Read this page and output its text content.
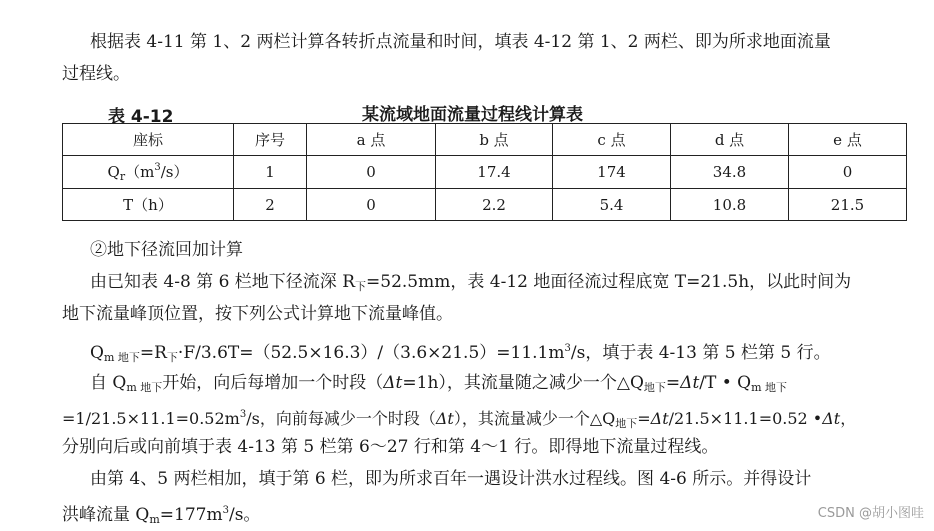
根据表 4-11 第 1、2 两栏计算各转折点流量和时间，填表 4-12 第 1、2 两栏、即为所求地面流量
过程线。
表 4-12	某流域地面流量过程线计算表
座标	序号	a 点	b 点	c 点	d 点	e 点
$Q_r(m^3/s)$	1	0	17.4	174	34.8	0
T（h）	2	0	2.2	5.4	10.8	21.5
②地下径流回加计算
由已知表 4-8 第 6 栏地下径流深 $R_下=52.5mm$，表 4-12 地面径流过程底宽 T=21.5h，以此时间为
地下流量峰顶位置，按下列公式计算地下流量峰值。
$Q_{m 地下}=R_下\cdot F/3.6T=(52.5\times 16.3)/(3.6\times 21.5)=11.1m^3/s$，填于表 4-13 第 5 栏第 5 行。
自 $Q_{m 地下}$开始，向后每增加一个时段（Δt=1h），其流量随之减少一个$\triangle Q_{地下}=\Delta t/T$ • $Q_{m 地下}$
$=1/21.5\times 11.1=0.52m^3/s$，向前每减少一个时段（Δt），其流量减少一个$\triangle Q_{地下}=\Delta t/21.5\times 11.1=0.52$ •Δt，
分别向后或向前填于表 4-13 第 5 栏第 6～27 行和第 4～1 行。即得地下流量过程线。
由第 4、5 两栏相加，填于第 6 栏，即为所求百年一遇设计洪水过程线。图 4-6 所示。并得设计
洪峰流量 $Q_m=177m^3/s$。	CSDN @胡小图哇
